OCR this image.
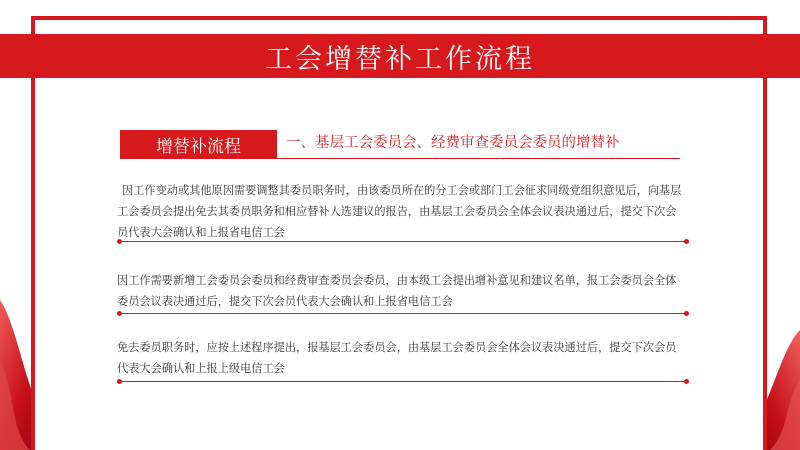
工会增替补工作流程
增替补流程	一、基层工会委员会、经费审查委员会委员的增替补

因工作变动或其他原因需要调整其委员职务时，由该委员所在的分工会或部门工会征求同级党组织意见后，向基层工会委员会提出免去其委员职务和相应替补人选建议的报告，由基层工会委员会全体会议表决通过后，提交下次会员代表大会确认和上报省电信工会

因工作需要新增工会委员会委员和经费审查委员会委员，由本级工会提出增补意见和建议名单，报工会委员会全体委员会议表决通过后，提交下次会员代表大会确认和上报省电信工会

免去委员职务时，应按上述程序提出，报基层工会委员会，由基层工会委员会全体会议表决通过后，提交下次会员代表大会确认和上报上级电信工会
